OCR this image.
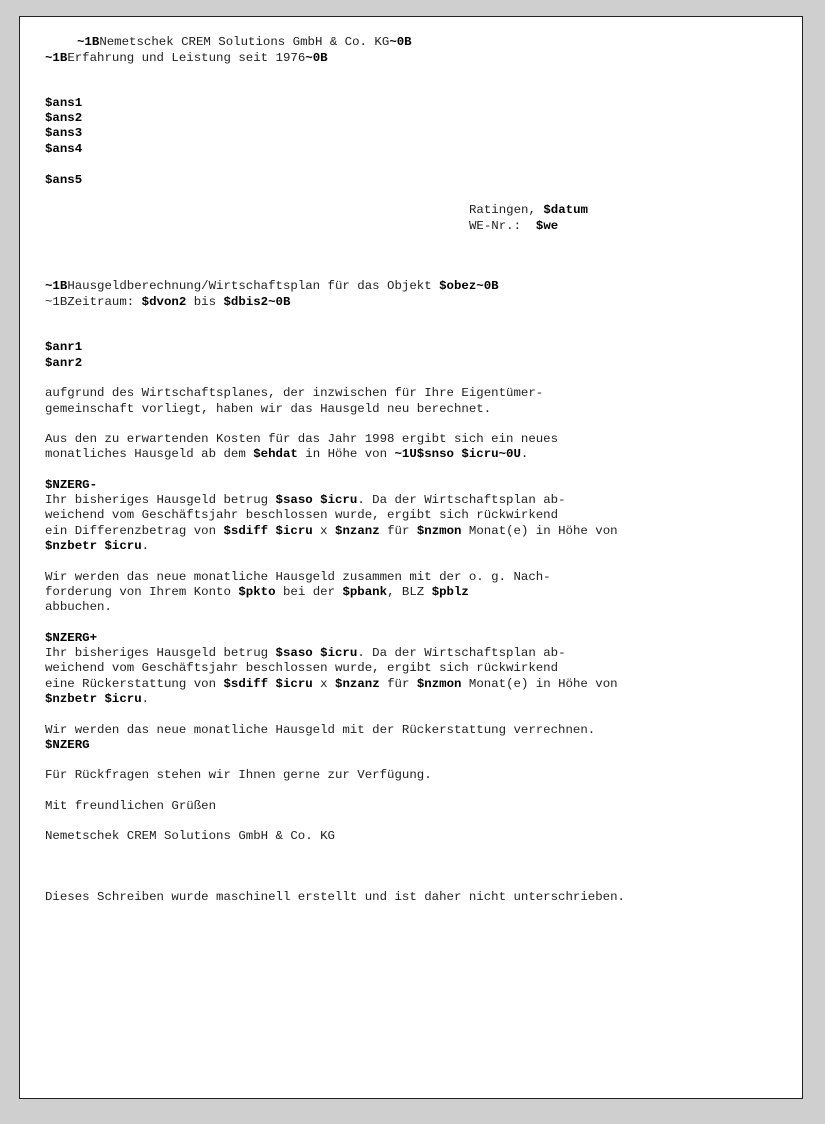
~1BNemetschek CREM Solutions GmbH & Co. KG~0B

~1BErfahrung und Leistung seit 1976~0B

$ans1

$ans2

$ans3

$ans4

$ans5

Ratingen, $datum

WE-Nr.:  $we

~1BHausgeldberechnung/Wirtschaftsplan für das Objekt $obez~0B

~1BZeitraum: $dvon2 bis $dbis2~0B

$anr1

$anr2

aufgrund des Wirtschaftsplanes, der inzwischen für Ihre Eigentümer-

gemeinschaft vorliegt, haben wir das Hausgeld neu berechnet.

Aus den zu erwartenden Kosten für das Jahr 1998 ergibt sich ein neues

monatliches Hausgeld ab dem $ehdat in Höhe von ~1U$snso $icru~0U.

$NZERG-

Ihr bisheriges Hausgeld betrug $saso $icru. Da der Wirtschaftsplan ab-

weichend vom Geschäftsjahr beschlossen wurde, ergibt sich rückwirkend

ein Differenzbetrag von $sdiff $icru x $nzanz für $nzmon Monat(e) in Höhe von

$nzbetr $icru.

Wir werden das neue monatliche Hausgeld zusammen mit der o. g. Nach-

forderung von Ihrem Konto $pkto bei der $pbank, BLZ $pblz

abbuchen.

$NZERG+

Ihr bisheriges Hausgeld betrug $saso $icru. Da der Wirtschaftsplan ab-

weichend vom Geschäftsjahr beschlossen wurde, ergibt sich rückwirkend

eine Rückerstattung von $sdiff $icru x $nzanz für $nzmon Monat(e) in Höhe von

$nzbetr $icru.

Wir werden das neue monatliche Hausgeld mit der Rückerstattung verrechnen.

$NZERG

Für Rückfragen stehen wir Ihnen gerne zur Verfügung.

Mit freundlichen Grüßen

Nemetschek CREM Solutions GmbH & Co. KG

Dieses Schreiben wurde maschinell erstellt und ist daher nicht unterschrieben.
